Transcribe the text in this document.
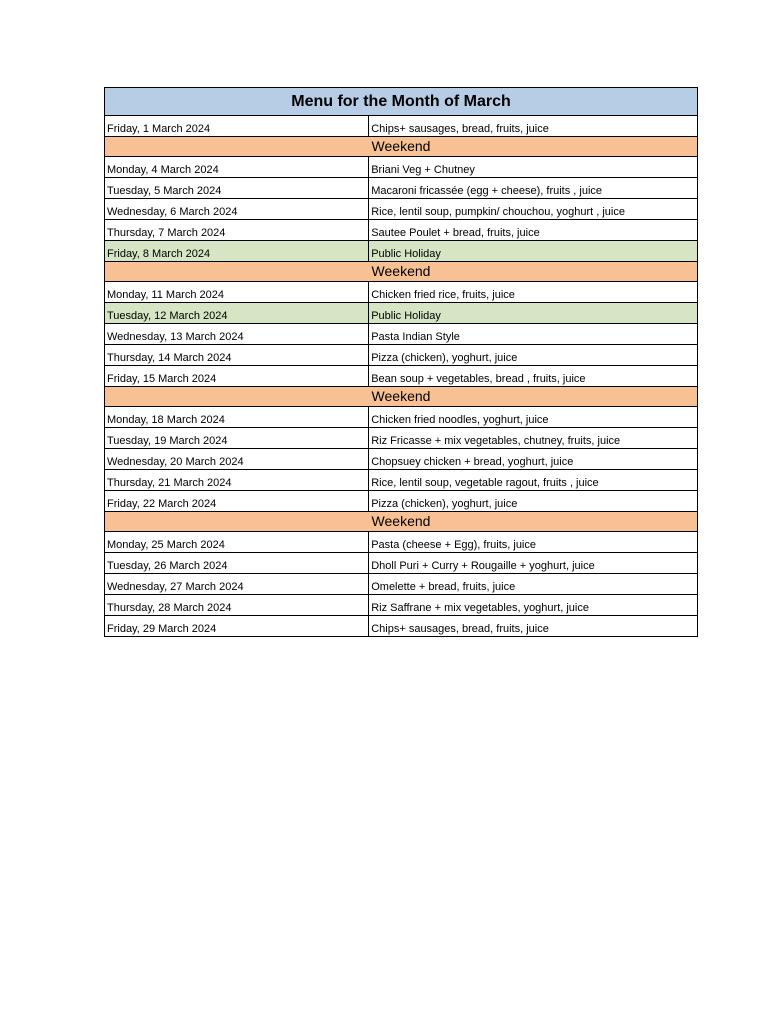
Menu for the Month of March	
Friday, 1 March 2024	Chips+ sausages, bread, fruits, juice
Weekend	
Monday, 4 March 2024	Briani Veg + Chutney
Tuesday, 5 March 2024	Macaroni fricassée (egg + cheese), fruits , juice
Wednesday, 6 March 2024	Rice, lentil soup, pumpkin/ chouchou, yoghurt , juice
Thursday, 7 March 2024	Sautee Poulet + bread, fruits, juice
Friday, 8 March 2024	Public Holiday
Weekend	
Monday, 11 March 2024	Chicken fried rice, fruits, juice
Tuesday, 12 March 2024	Public Holiday
Wednesday, 13 March 2024	Pasta Indian Style
Thursday, 14 March 2024	Pizza (chicken), yoghurt, juice
Friday, 15 March 2024	Bean soup + vegetables, bread , fruits, juice
Weekend	
Monday, 18 March 2024	Chicken fried noodles, yoghurt, juice
Tuesday, 19 March 2024	Riz Fricasse + mix vegetables, chutney, fruits, juice
Wednesday, 20 March 2024	Chopsuey chicken + bread, yoghurt, juice
Thursday, 21 March 2024	Rice, lentil soup, vegetable ragout, fruits , juice
Friday, 22 March 2024	Pizza (chicken), yoghurt, juice
Weekend	
Monday, 25 March 2024	Pasta (cheese + Egg), fruits, juice
Tuesday, 26 March 2024	Dholl Puri + Curry + Rougaille + yoghurt, juice
Wednesday, 27 March 2024	Omelette + bread, fruits, juice
Thursday, 28 March 2024	Riz Saffrane + mix vegetables, yoghurt, juice
Friday, 29 March 2024	Chips+ sausages, bread, fruits, juice
